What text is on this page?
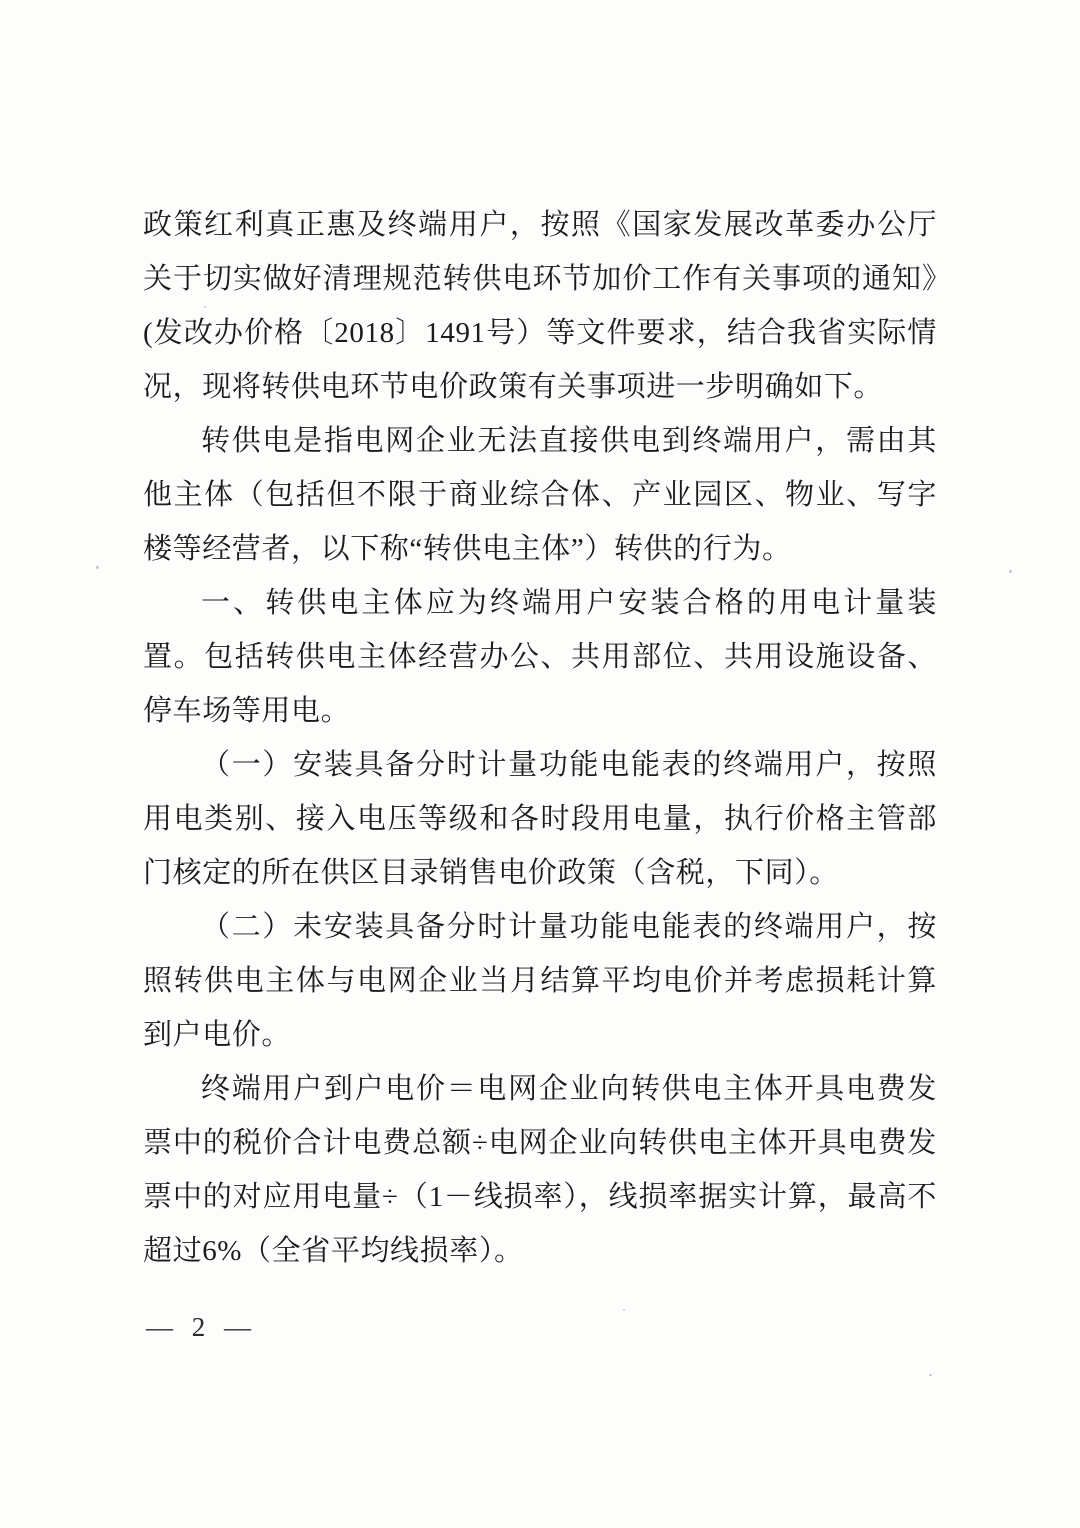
政策红利真正惠及终端用户，按照《国家发展改革委办公厅关于切实做好清理规范转供电环节加价工作有关事项的通知》(发改办价格〔2018〕1491号）等文件要求，结合我省实际情况，现将转供电环节电价政策有关事项进一步明确如下。

转供电是指电网企业无法直接供电到终端用户，需由其他主体（包括但不限于商业综合体、产业园区、物业、写字楼等经营者，以下称“转供电主体”）转供的行为。

一、转供电主体应为终端用户安装合格的用电计量装置。包括转供电主体经营办公、共用部位、共用设施设备、停车场等用电。

（一）安装具备分时计量功能电能表的终端用户，按照用电类别、接入电压等级和各时段用电量，执行价格主管部门核定的所在供区目录销售电价政策（含税，下同）。

（二）未安装具备分时计量功能电能表的终端用户，按照转供电主体与电网企业当月结算平均电价并考虑损耗计算到户电价。

终端用户到户电价＝电网企业向转供电主体开具电费发票中的税价合计电费总额÷电网企业向转供电主体开具电费发票中的对应用电量÷（1－线损率），线损率据实计算，最高不超过6%（全省平均线损率）。

— 2 —
